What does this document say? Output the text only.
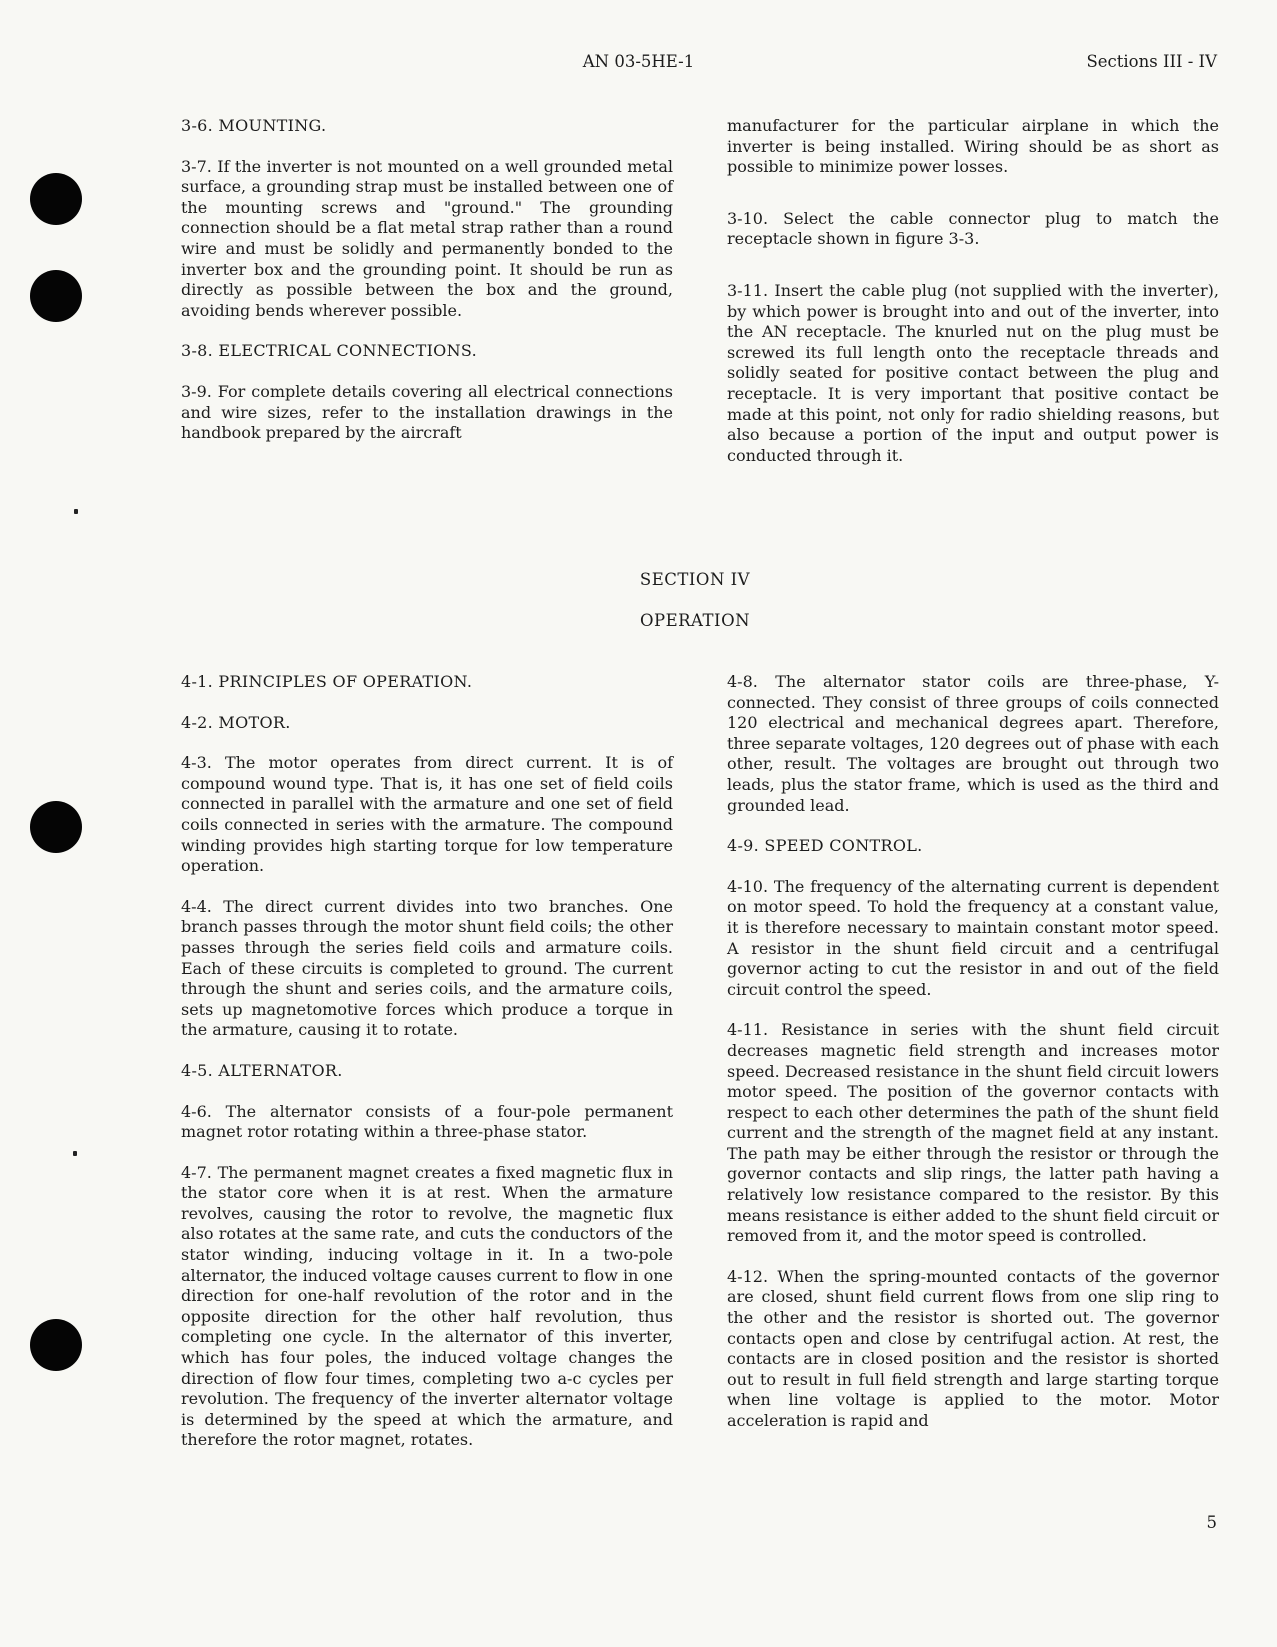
AN 03-5HE-1	Sections III - IV
3-6. MOUNTING.

3-7. If the inverter is not mounted on a well grounded metal surface, a grounding strap must be installed between one of the mounting screws and "ground." The grounding connection should be a flat metal strap rather than a round wire and must be solidly and permanently bonded to the inverter box and the grounding point. It should be run as directly as possible between the box and the ground, avoiding bends wherever possible.

3-8. ELECTRICAL CONNECTIONS.

3-9. For complete details covering all electrical connections and wire sizes, refer to the installation drawings in the handbook prepared by the aircraft

manufacturer for the particular airplane in which the inverter is being installed. Wiring should be as short as possible to minimize power losses.

3-10. Select the cable connector plug to match the receptacle shown in figure 3-3.

3-11. Insert the cable plug (not supplied with the inverter), by which power is brought into and out of the inverter, into the AN receptacle. The knurled nut on the plug must be screwed its full length onto the receptacle threads and solidly seated for positive contact between the plug and receptacle. It is very important that positive contact be made at this point, not only for radio shielding reasons, but also because a portion of the input and output power is conducted through it.

SECTION IV
OPERATION
4-1. PRINCIPLES OF OPERATION.
4-2. MOTOR.

4-3. The motor operates from direct current. It is of compound wound type. That is, it has one set of field coils connected in parallel with the armature and one set of field coils connected in series with the armature. The compound winding provides high starting torque for low temperature operation.

4-4. The direct current divides into two branches. One branch passes through the motor shunt field coils; the other passes through the series field coils and armature coils. Each of these circuits is completed to ground. The current through the shunt and series coils, and the armature coils, sets up magnetomotive forces which produce a torque in the armature, causing it to rotate.

4-5. ALTERNATOR.

4-6. The alternator consists of a four-pole permanent magnet rotor rotating within a three-phase stator.

4-7. The permanent magnet creates a fixed magnetic flux in the stator core when it is at rest. When the armature revolves, causing the rotor to revolve, the magnetic flux also rotates at the same rate, and cuts the conductors of the stator winding, inducing voltage in it. In a two-pole alternator, the induced voltage causes current to flow in one direction for one-half revolution of the rotor and in the opposite direction for the other half revolution, thus completing one cycle. In the alternator of this inverter, which has four poles, the induced voltage changes the direction of flow four times, completing two a-c cycles per revolution. The frequency of the inverter alternator voltage is determined by the speed at which the armature, and therefore the rotor magnet, rotates.

4-8. The alternator stator coils are three-phase, Y-connected. They consist of three groups of coils connected 120 electrical and mechanical degrees apart. Therefore, three separate voltages, 120 degrees out of phase with each other, result. The voltages are brought out through two leads, plus the stator frame, which is used as the third and grounded lead.

4-9. SPEED CONTROL.

4-10. The frequency of the alternating current is dependent on motor speed. To hold the frequency at a constant value, it is therefore necessary to maintain constant motor speed. A resistor in the shunt field circuit and a centrifugal governor acting to cut the resistor in and out of the field circuit control the speed.

4-11. Resistance in series with the shunt field circuit decreases magnetic field strength and increases motor speed. Decreased resistance in the shunt field circuit lowers motor speed. The position of the governor contacts with respect to each other determines the path of the shunt field current and the strength of the magnet field at any instant. The path may be either through the resistor or through the governor contacts and slip rings, the latter path having a relatively low resistance compared to the resistor. By this means resistance is either added to the shunt field circuit or removed from it, and the motor speed is controlled.

4-12. When the spring-mounted contacts of the governor are closed, shunt field current flows from one slip ring to the other and the resistor is shorted out. The governor contacts open and close by centrifugal action. At rest, the contacts are in closed position and the resistor is shorted out to result in full field strength and large starting torque when line voltage is applied to the motor. Motor acceleration is rapid and

5
